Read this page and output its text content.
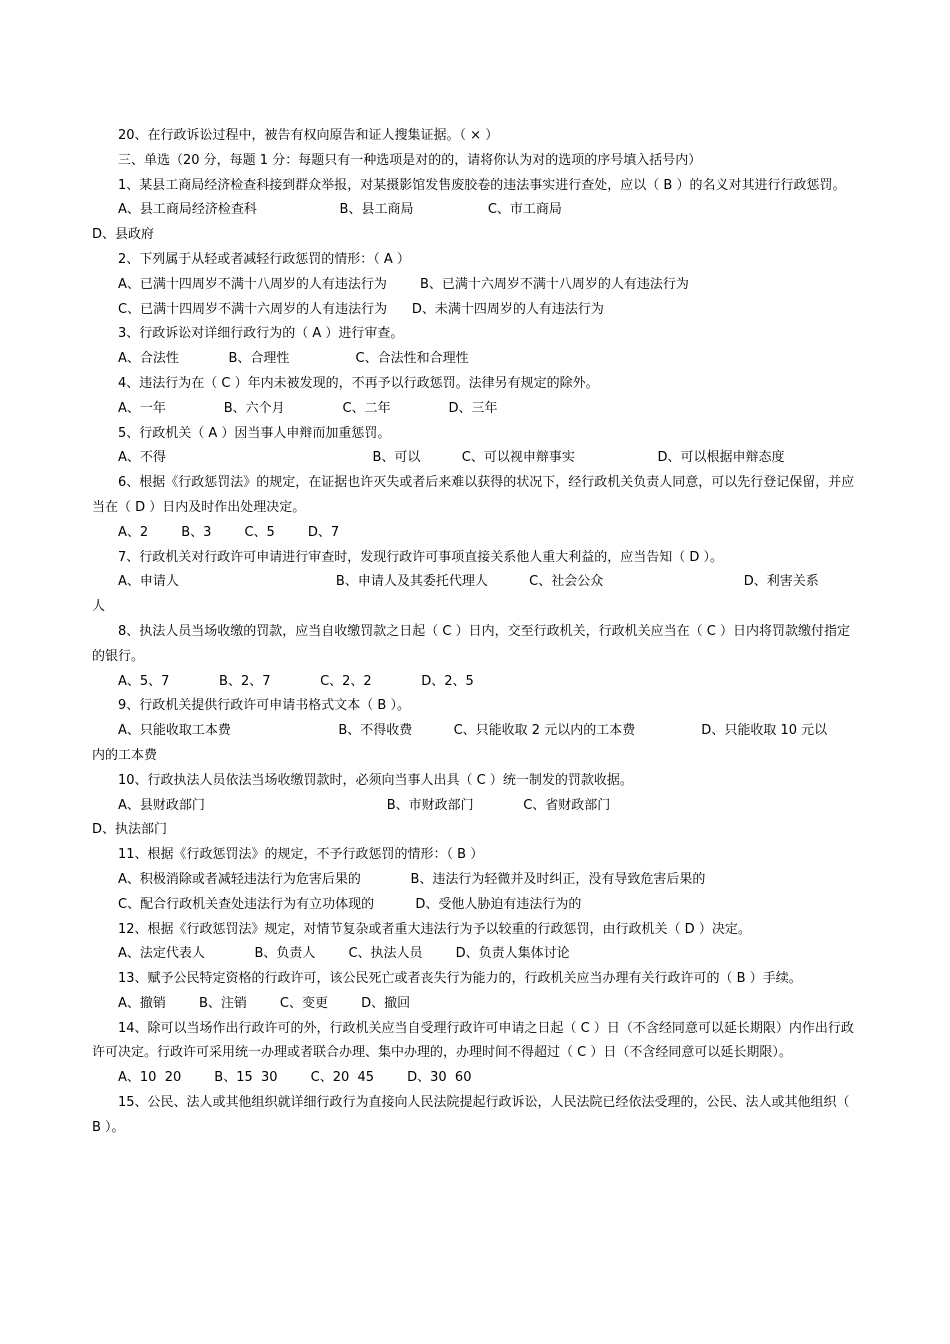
20、在行政诉讼过程中，被告有权向原告和证人搜集证据。（ × ）

三、单选（20 分，每题 1 分：每题只有一种选项是对的的，请将你认为对的选项的序号填入括号内）

1、某县工商局经济检查科接到群众举报，对某摄影馆发售废胶卷的违法事实进行查处，应以（ B ）的名义对其进行行政惩罚。

A、县工商局经济检查科                    B、县工商局                  C、市工商局

D、县政府

2、下列属于从轻或者减轻行政惩罚的情形：（ A ）

A、已满十四周岁不满十八周岁的人有违法行为        B、已满十六周岁不满十八周岁的人有违法行为

C、已满十四周岁不满十六周岁的人有违法行为      D、未满十四周岁的人有违法行为

3、行政诉讼对详细行政行为的（ A ）进行审查。

A、合法性            B、合理性                C、合法性和合理性

4、违法行为在（ C ）年内未被发现的，不再予以行政惩罚。法律另有规定的除外。

A、一年              B、六个月              C、二年              D、三年

5、行政机关（ A ）因当事人申辩而加重惩罚。

A、不得                                                  B、可以          C、可以视申辩事实                    D、可以根据申辩态度

6、根据《行政惩罚法》的规定，在证据也许灭失或者后来难以获得的状况下，经行政机关负责人同意，可以先行登记保留，并应当在（ D ）日内及时作出处理决定。

A、2        B、3        C、5        D、7

7、行政机关对行政许可申请进行审查时，发现行政许可事项直接关系他人重大利益的，应当告知（ D ）。

A、申请人                                      B、申请人及其委托代理人          C、社会公众                                  D、利害关系

人

8、执法人员当场收缴的罚款，应当自收缴罚款之日起（ C ）日内，交至行政机关，行政机关应当在（ C ）日内将罚款缴付指定的银行。

A、5、7            B、2、7            C、2、2            D、2、5

9、行政机关提供行政许可申请书格式文本（ B ）。

A、只能收取工本费                          B、不得收费          C、只能收取 2 元以内的工本费                D、只能收取 10 元以

内的工本费

10、行政执法人员依法当场收缴罚款时，必须向当事人出具（ C ）统一制发的罚款收据。

A、县财政部门                                            B、市财政部门            C、省财政部门

D、执法部门

11、根据《行政惩罚法》的规定，不予行政惩罚的情形：（ B ）

A、积极消除或者减轻违法行为危害后果的            B、违法行为轻微并及时纠正，没有导致危害后果的

C、配合行政机关查处违法行为有立功体现的          D、受他人胁迫有违法行为的

12、根据《行政惩罚法》规定，对情节复杂或者重大违法行为予以较重的行政惩罚，由行政机关（ D ）决定。

A、法定代表人            B、负责人        C、执法人员        D、负责人集体讨论

13、赋予公民特定资格的行政许可，该公民死亡或者丧失行为能力的，行政机关应当办理有关行政许可的（ B ）手续。

A、撤销        B、注销        C、变更        D、撤回

14、除可以当场作出行政许可的外，行政机关应当自受理行政许可申请之日起（ C ）日（不含经同意可以延长期限）内作出行政许可决定。行政许可采用统一办理或者联合办理、集中办理的，办理时间不得超过（ C ）日（不含经同意可以延长期限）。

A、10  20        B、15  30        C、20  45        D、30  60

15、公民、法人或其他组织就详细行政行为直接向人民法院提起行政诉讼，人民法院已经依法受理的，公民、法人或其他组织（ B ）。
